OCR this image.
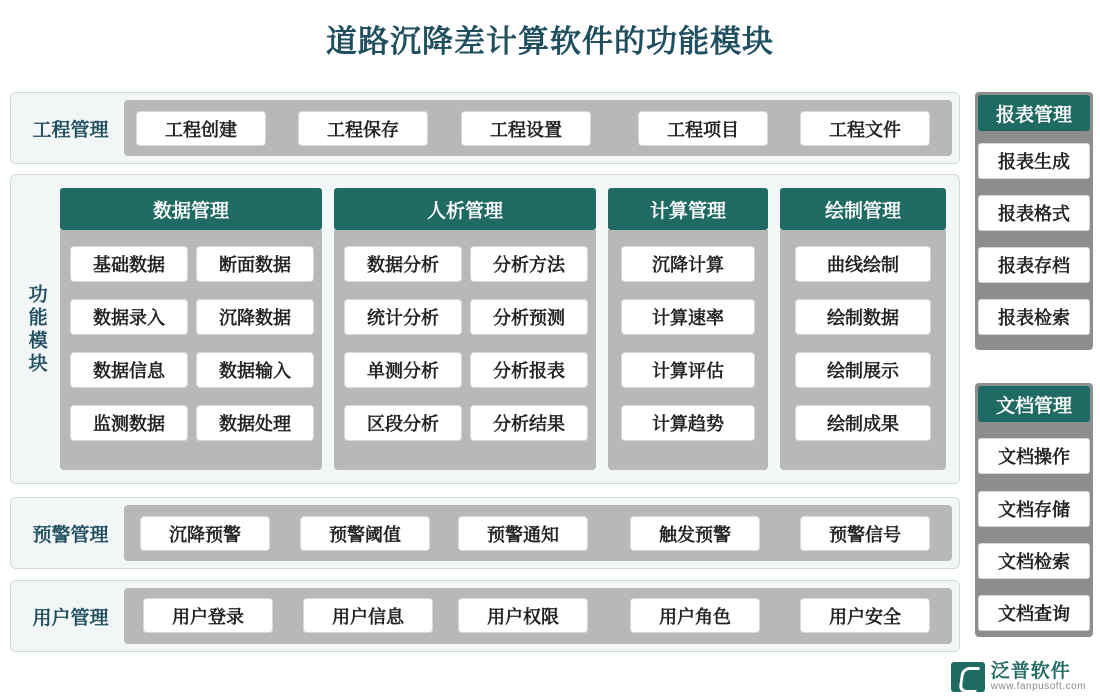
道路沉降差计算软件的功能模块
工程管理	工程创建	工程保存	工程设置	工程项目	工程文件
功能模块
数据管理
基础数据	断面数据
数据录入	沉降数据
数据信息	数据输入
监测数据	数据处理
人析管理
数据分析	分析方法
统计分析	分析预测
单测分析	分析报表
区段分析	分析结果
计算管理
沉降计算
计算速率
计算评估
计算趋势
绘制管理
曲线绘制
绘制数据
绘制展示
绘制成果
预警管理	沉降预警	预警阈值	预警通知	触发预警	预警信号
用户管理	用户登录	用户信息	用户权限	用户角色	用户安全
报表管理
报表生成
报表格式
报表存档
报表检索
文档管理
文档操作
文档存储
文档检索
文档查询
泛普软件
www.fanpusoft.com
